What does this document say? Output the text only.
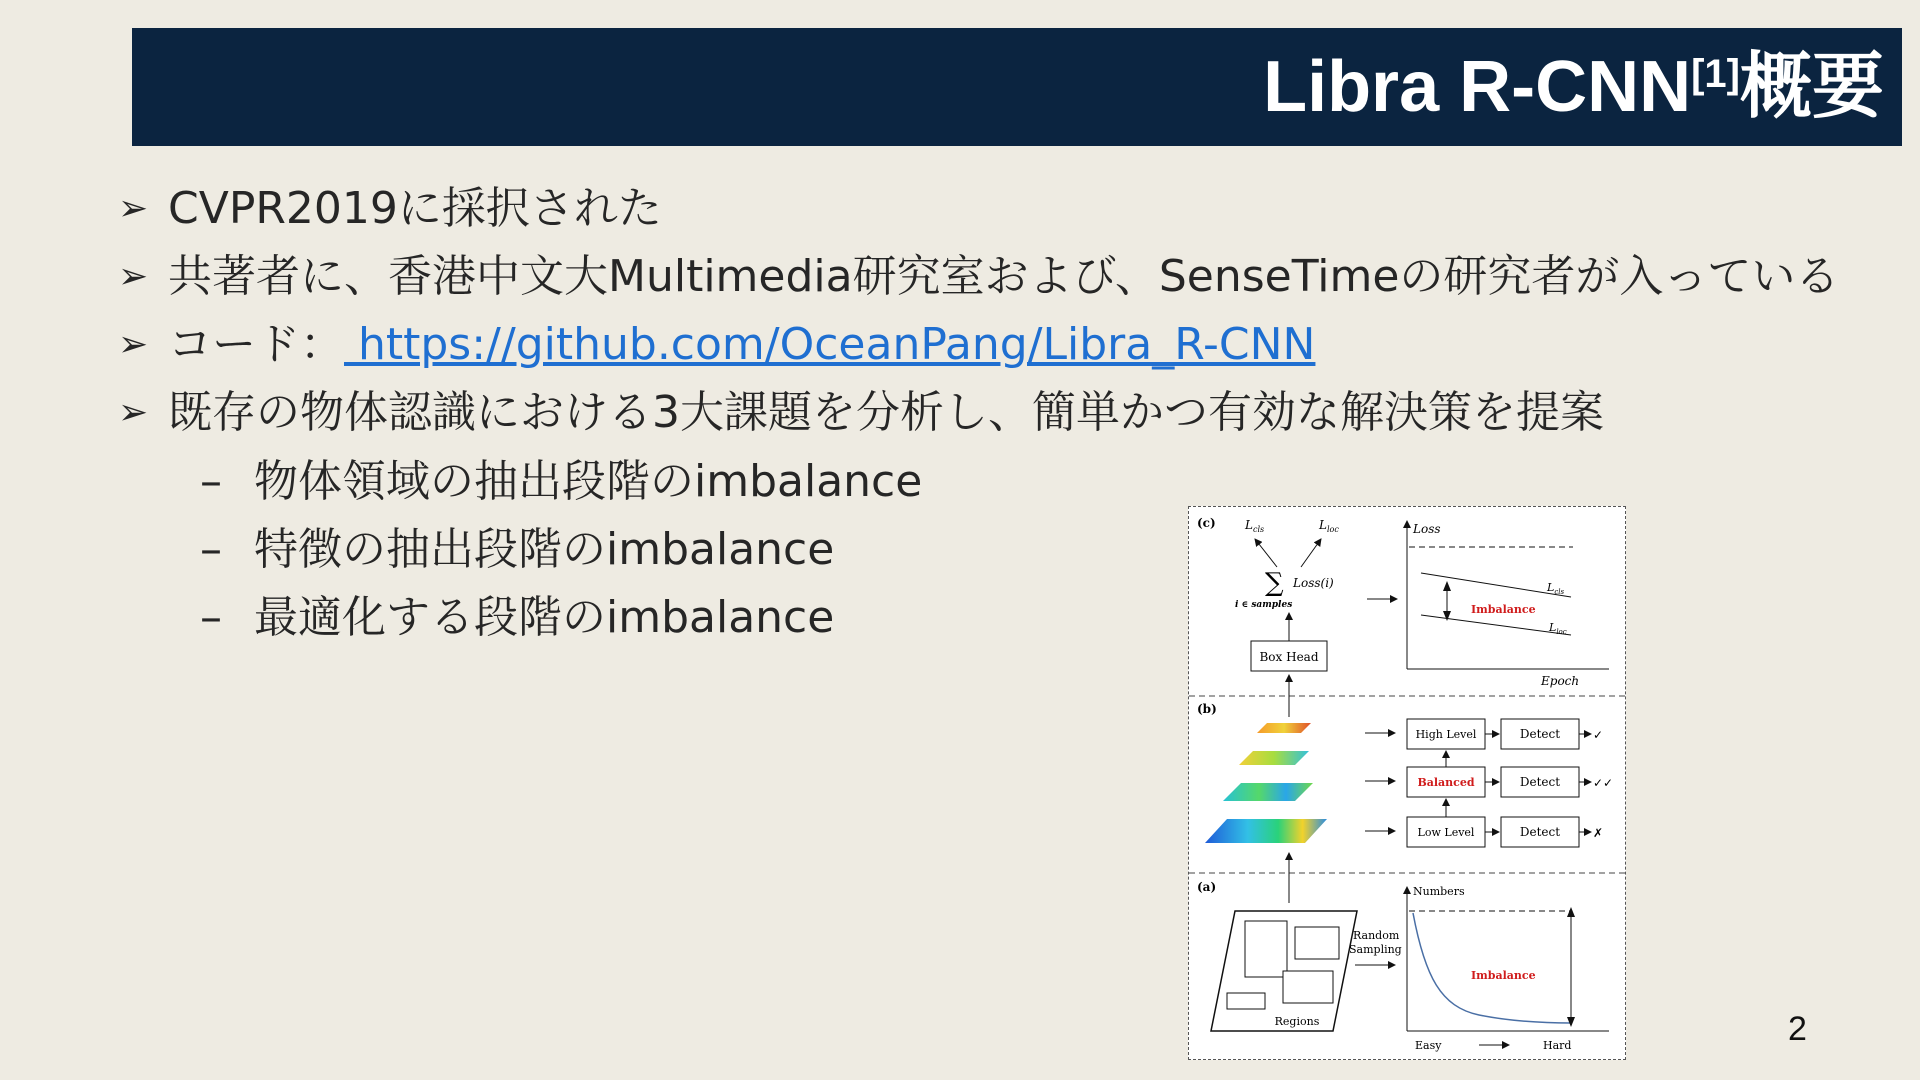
Libra R-CNN[1]概要
➢ CVPR2019に採択された
➢ 共著者に、香港中文大Multimedia研究室および、SenseTimeの研究者が入っている
➢ コード： https://github.com/OceanPang/Libra_R-CNN
➢ 既存の物体認識における3大課題を分析し、簡単かつ有効な解決策を提案
– 物体領域の抽出段階のimbalance
– 特徴の抽出段階のimbalance
– 最適化する段階のimbalance
(c) $L_{cls}$	$L_{loc}$
∑ Loss(i)
i ∈ samples
Box Head
Loss
$L_{cls}$
$L_{loc}$
Imbalance
Epoch
(b)
High Level
Balanced
Low Level
Detect
Detect
Detect
✓
✓✓
✗
(a)
Regions
Random
Sampling
Numbers
Imbalance
Easy	Hard	2
